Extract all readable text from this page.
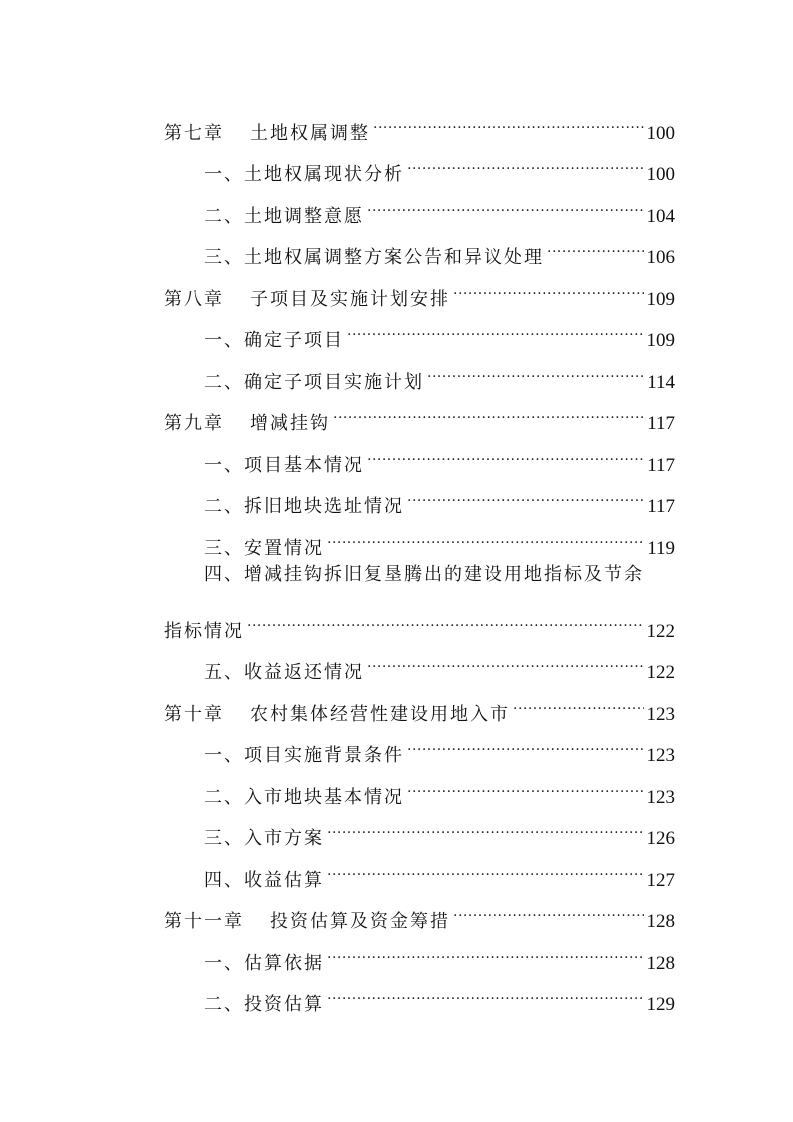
第七章 土地权属调整 .....	100
一、土地权属现状分析 .....	100
二、土地调整意愿 .....	104
三、土地权属调整方案公告和异议处理 .....	106
第八章 子项目及实施计划安排 .....	109
一、确定子项目 .....	109
二、确定子项目实施计划 .....	114
第九章 增减挂钩 .....	117
一、项目基本情况 .....	117
二、拆旧地块选址情况 .....	117
三、安置情况 .....	119
四、增减挂钩拆旧复垦腾出的建设用地指标及节余
指标情况 .....	122
五、收益返还情况 .....	122
第十章 农村集体经营性建设用地入市 .....	123
一、项目实施背景条件 .....	123
二、入市地块基本情况 .....	123
三、入市方案 .....	126
四、收益估算 .....	127
第十一章 投资估算及资金筹措 .....	128
一、估算依据 .....	128
二、投资估算 .....	129
